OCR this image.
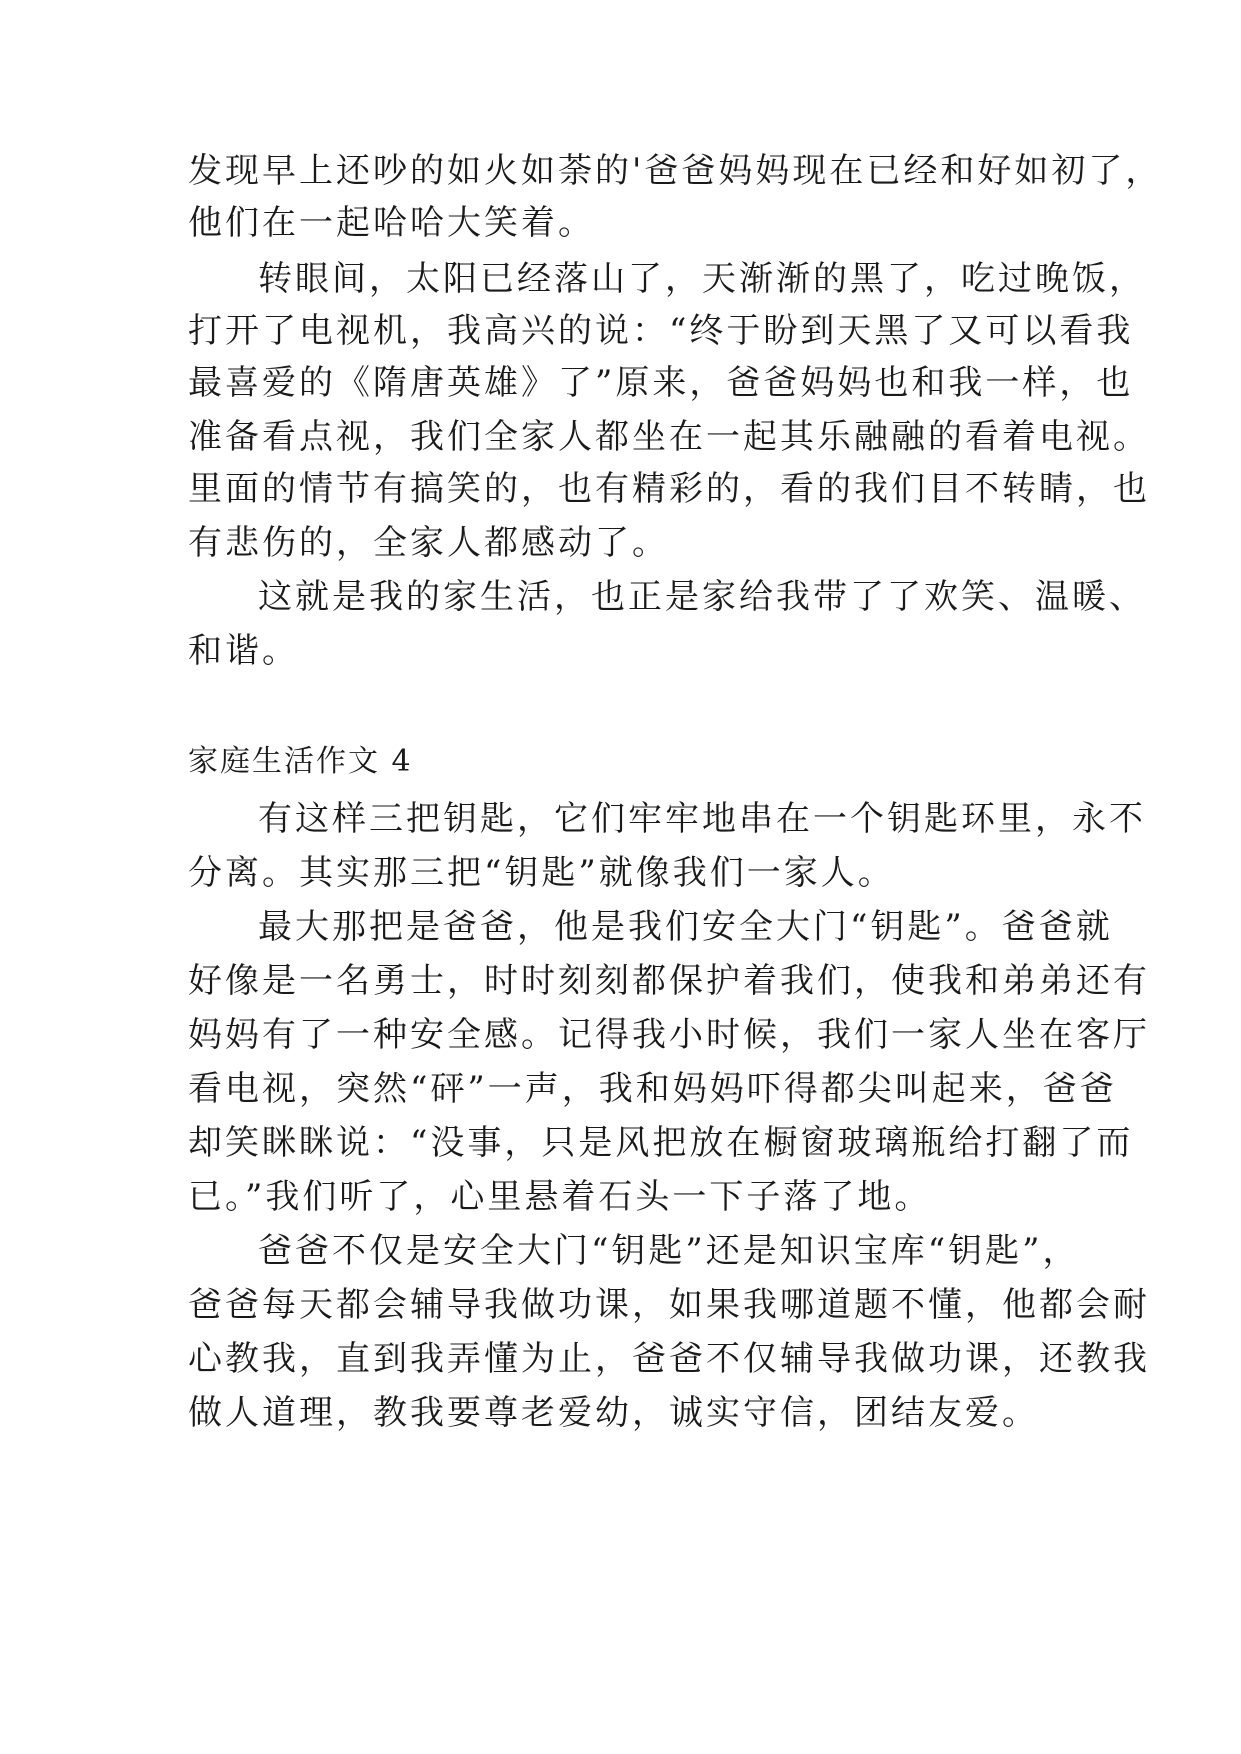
发现早上还吵的如火如荼的'爸爸妈妈现在已经和好如初了，
他们在一起哈哈大笑着。
转眼间，太阳已经落山了，天渐渐的黑了，吃过晚饭，
打开了电视机，我高兴的说：“终于盼到天黑了又可以看我
最喜爱的《隋唐英雄》了”原来，爸爸妈妈也和我一样，也
准备看点视，我们全家人都坐在一起其乐融融的看着电视。
里面的情节有搞笑的，也有精彩的，看的我们目不转睛，也
有悲伤的，全家人都感动了。
这就是我的家生活，也正是家给我带了了欢笑、温暖、
和谐。
家庭生活作文 4
有这样三把钥匙，它们牢牢地串在一个钥匙环里，永不
分离。其实那三把“钥匙”就像我们一家人。
最大那把是爸爸，他是我们安全大门“钥匙”。爸爸就
好像是一名勇士，时时刻刻都保护着我们，使我和弟弟还有
妈妈有了一种安全感。记得我小时候，我们一家人坐在客厅
看电视，突然“砰”一声，我和妈妈吓得都尖叫起来，爸爸
却笑眯眯说：“没事，只是风把放在橱窗玻璃瓶给打翻了而
已。”我们听了，心里悬着石头一下子落了地。
爸爸不仅是安全大门“钥匙”还是知识宝库“钥匙”，
爸爸每天都会辅导我做功课，如果我哪道题不懂，他都会耐
心教我，直到我弄懂为止，爸爸不仅辅导我做功课，还教我
做人道理，教我要尊老爱幼，诚实守信，团结友爱。
